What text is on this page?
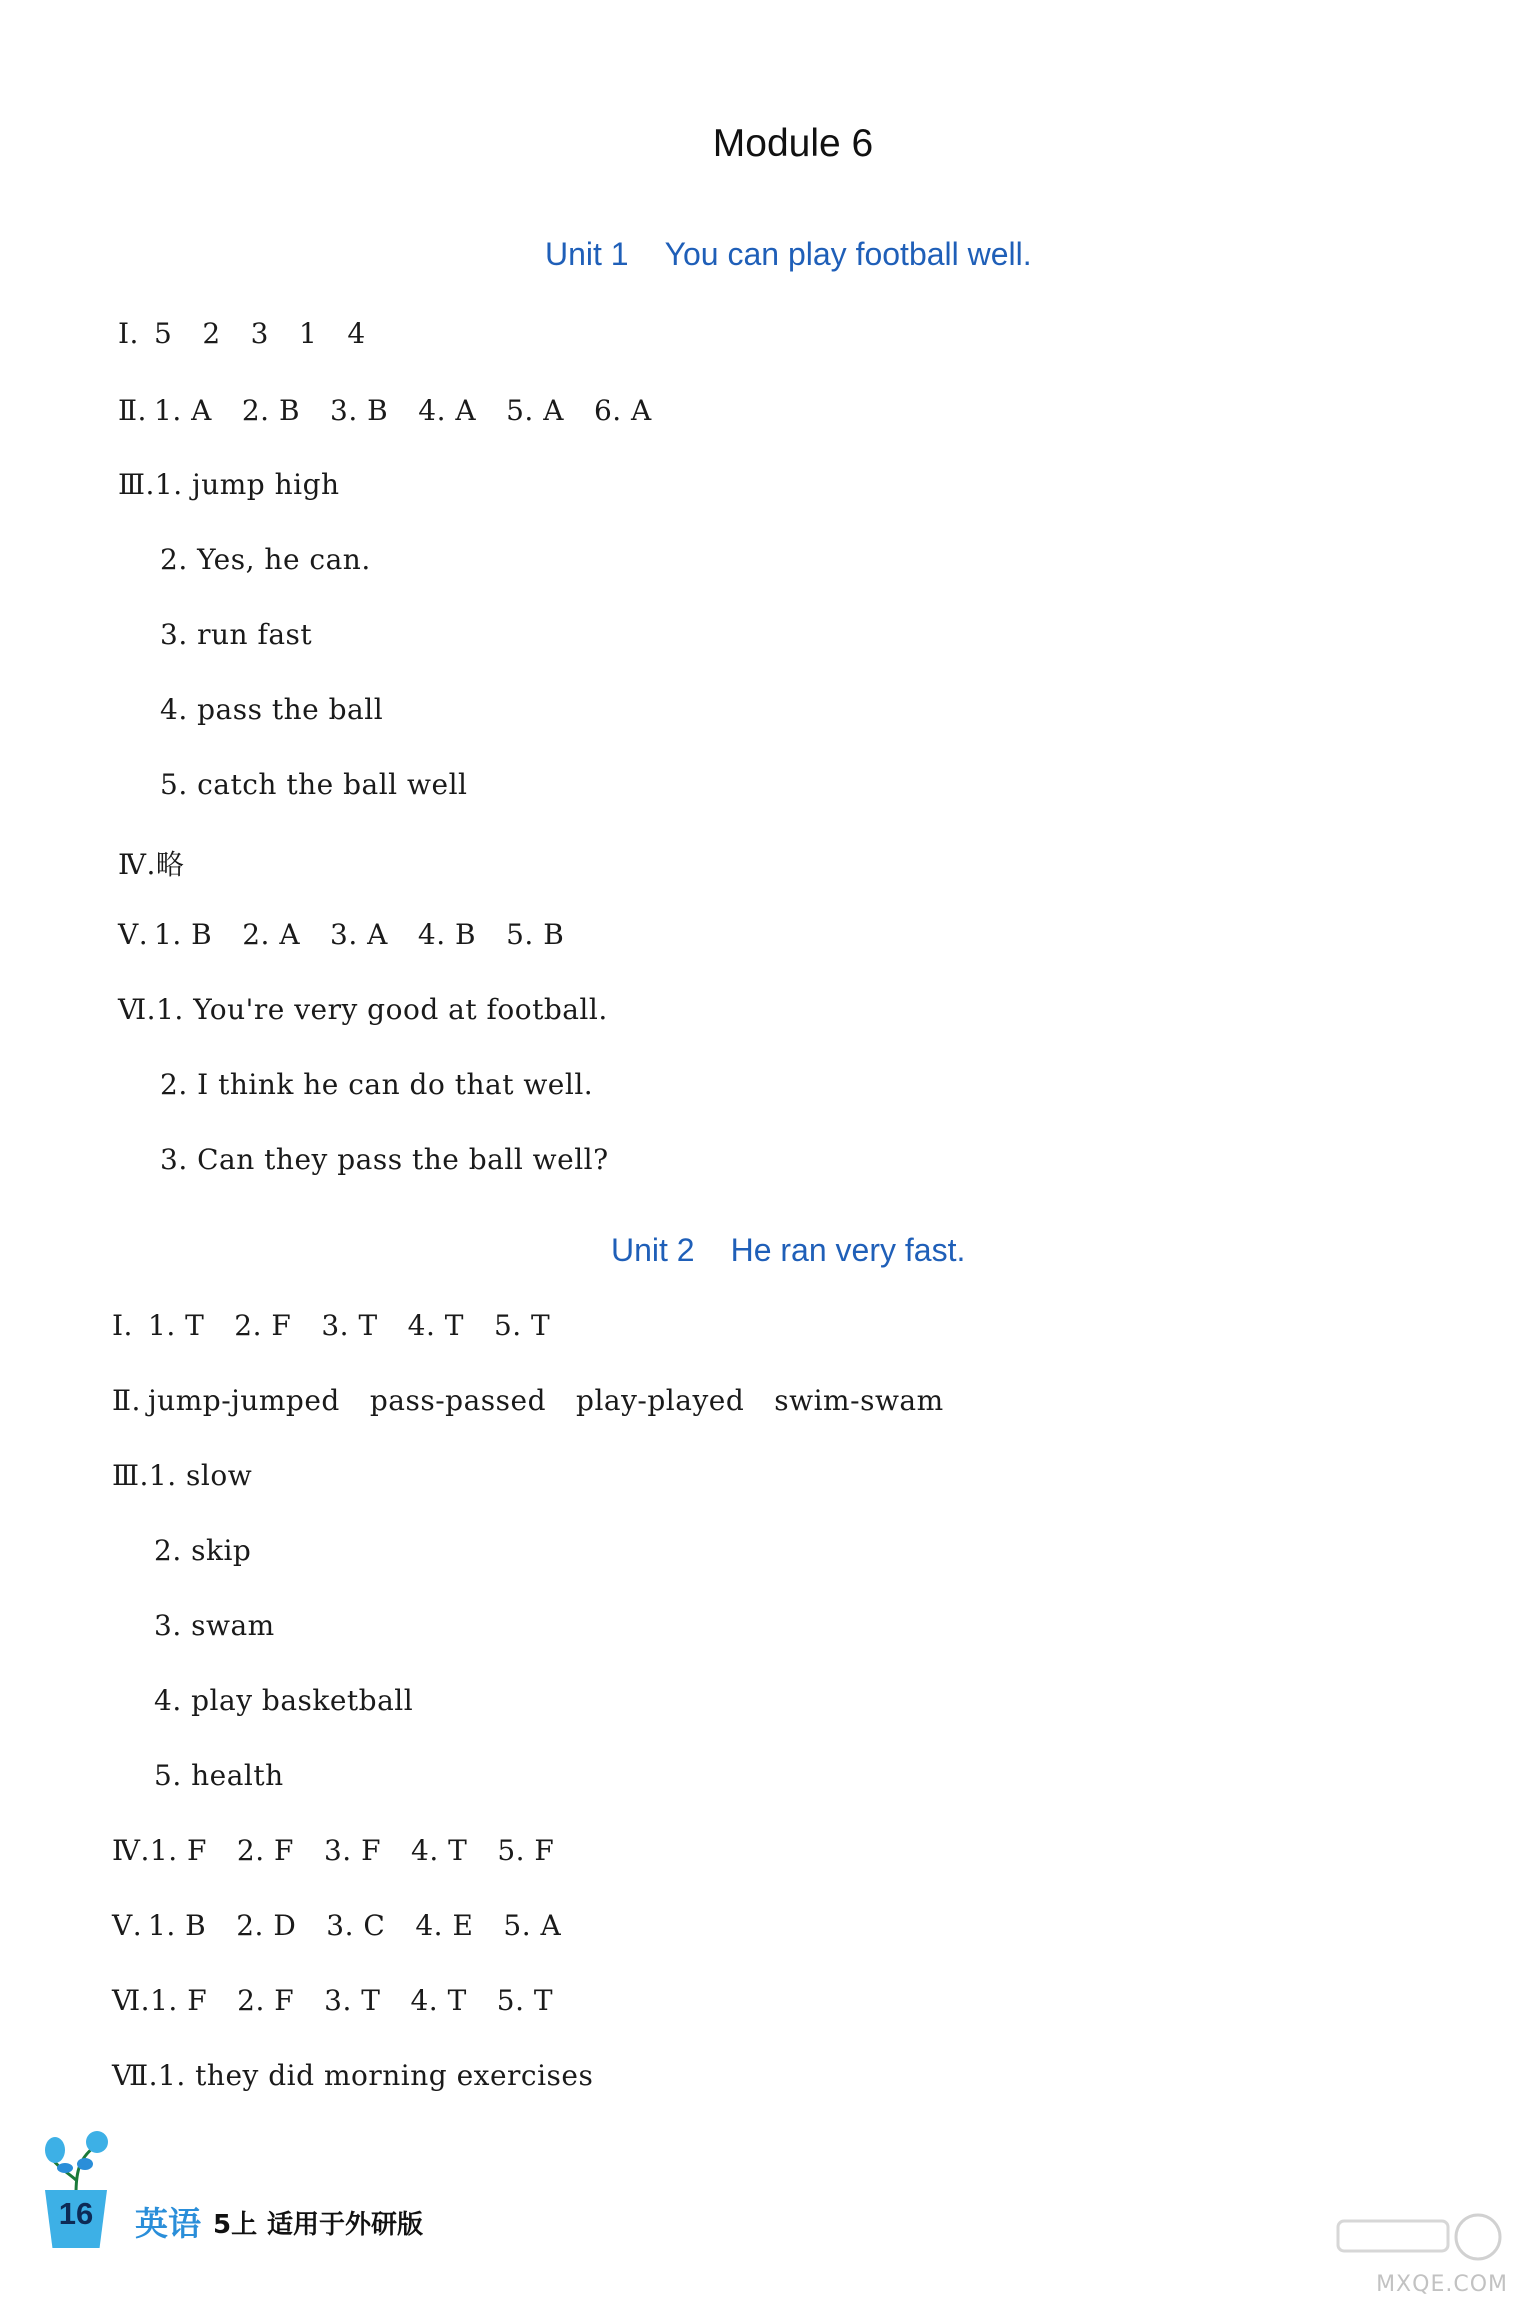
Module 6
Unit 1 You can play football well.
Ⅰ. 5 2 3 1 4
Ⅱ. 1. A 2. B 3. B 4. A 5. A 6. A
Ⅲ.1. jump high
2. Yes, he can.
3. run fast
4. pass the ball
5. catch the ball well
Ⅳ.略
Ⅴ. 1. B 2. A 3. A 4. B 5. B
Ⅵ.1. You're very good at football.
2. I think he can do that well.
3. Can they pass the ball well?
Unit 2 He ran very fast.
Ⅰ. 1. T 2. F 3. T 4. T 5. T
Ⅱ. jump-jumped pass-passed play-played swim-swam
Ⅲ.1. slow
2. skip
3. swam
4. play basketball
5. health
Ⅳ.1. F 2. F 3. F 4. T 5. F
Ⅴ. 1. B 2. D 3. C 4. E 5. A
Ⅵ.1. F 2. F 3. T 4. T 5. T
Ⅶ.1. they did morning exercises
16	英语 5上 适用于外研版
MXQE.COM
